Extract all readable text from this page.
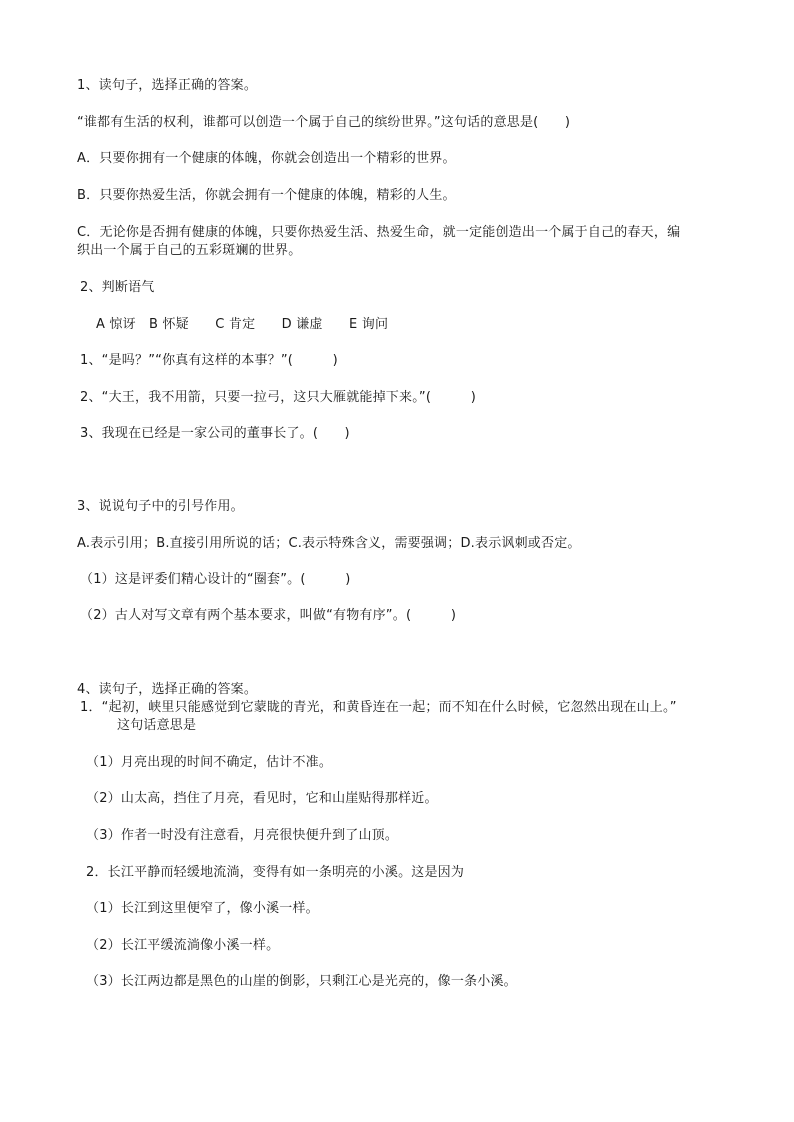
1、读句子，选择正确的答案。
“谁都有生活的权利，谁都可以创造一个属于自己的缤纷世界。”这句话的意思是(　　)
A．只要你拥有一个健康的体魄，你就会创造出一个精彩的世界。
B．只要你热爱生活，你就会拥有一个健康的体魄，精彩的人生。
C．无论你是否拥有健康的体魄，只要你热爱生活、热爱生命，就一定能创造出一个属于自己的春天，编
织出一个属于自己的五彩斑斓的世界。
2、判断语气
A 惊讶　B 怀疑　　C 肯定　　D 谦虚　　E 询问
1、“是吗？”“你真有这样的本事？”(　　　)
2、“大王，我不用箭，只要一拉弓，这只大雁就能掉下来。”(　　　)
3、我现在已经是一家公司的董事长了。(　　)
3、说说句子中的引号作用。
A.表示引用；B.直接引用所说的话；C.表示特殊含义，需要强调；D.表示讽刺或否定。
（1）这是评委们精心设计的“圈套”。(　　　)
（2）古人对写文章有两个基本要求，叫做“有物有序”。(　　　)
4、读句子，选择正确的答案。
1．“起初，峡里只能感觉到它蒙眬的青光，和黄昏连在一起；而不知在什么时候，它忽然出现在山上。”
这句话意思是
（1）月亮出现的时间不确定，估计不准。
（2）山太高，挡住了月亮，看见时，它和山崖贴得那样近。
（3）作者一时没有注意看，月亮很快便升到了山顶。
2．长江平静而轻缓地流淌，变得有如一条明亮的小溪。这是因为
（1）长江到这里便窄了，像小溪一样。
（2）长江平缓流淌像小溪一样。
（3）长江两边都是黑色的山崖的倒影，只剩江心是光亮的，像一条小溪。
